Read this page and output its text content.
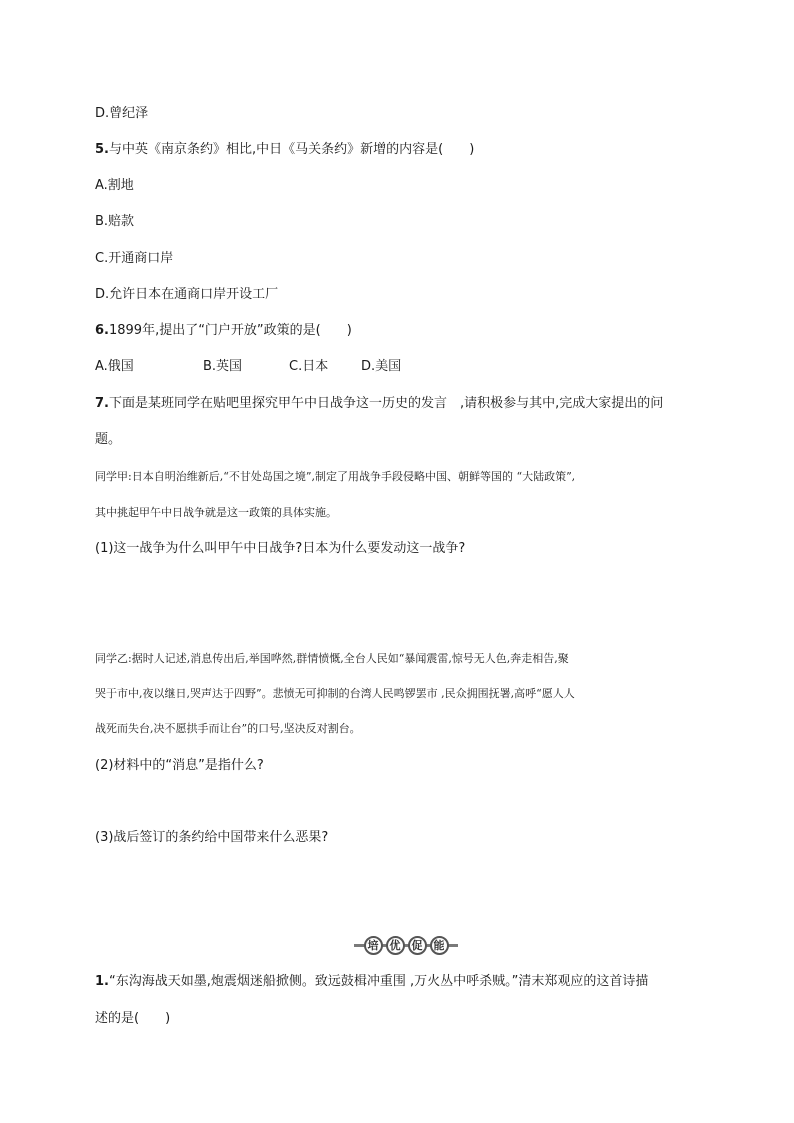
D.曾纪泽
5.与中英《南京条约》相比,中日《马关条约》新增的内容是(　　)
A.割地
B.赔款
C.开通商口岸
D.允许日本在通商口岸开设工厂
6.1899年,提出了“门户开放”政策的是(　　)
A.俄国	B.英国	C.日本	D.美国
7.下面是某班同学在贴吧里探究甲午中日战争这一历史的发言　,请积极参与其中,完成大家提出的问
题。
同学甲:日本自明治维新后,“不甘处岛国之境”,制定了用战争手段侵略中国、朝鲜等国的 “大陆政策”,
其中挑起甲午中日战争就是这一政策的具体实施。
(1)这一战争为什么叫甲午中日战争?日本为什么要发动这一战争?
同学乙:据时人记述,消息传出后,举国哗然,群情愤慨,全台人民如“暴闻震雷,惊号无人色,奔走相告,聚
哭于市中,夜以继日,哭声达于四野”。悲愤无可抑制的台湾人民鸣锣罢市 ,民众拥围抚署,高呼“愿人人
战死而失台,决不愿拱手而让台”的口号,坚决反对割台。
(2)材料中的“消息”是指什么?
(3)战后签订的条约给中国带来什么恶果?
培	优	促	能
1.“东沟海战天如墨,炮震烟迷船掀侧。致远鼓楫冲重围 ,万火丛中呼杀贼。”清末郑观应的这首诗描
述的是(　　)
